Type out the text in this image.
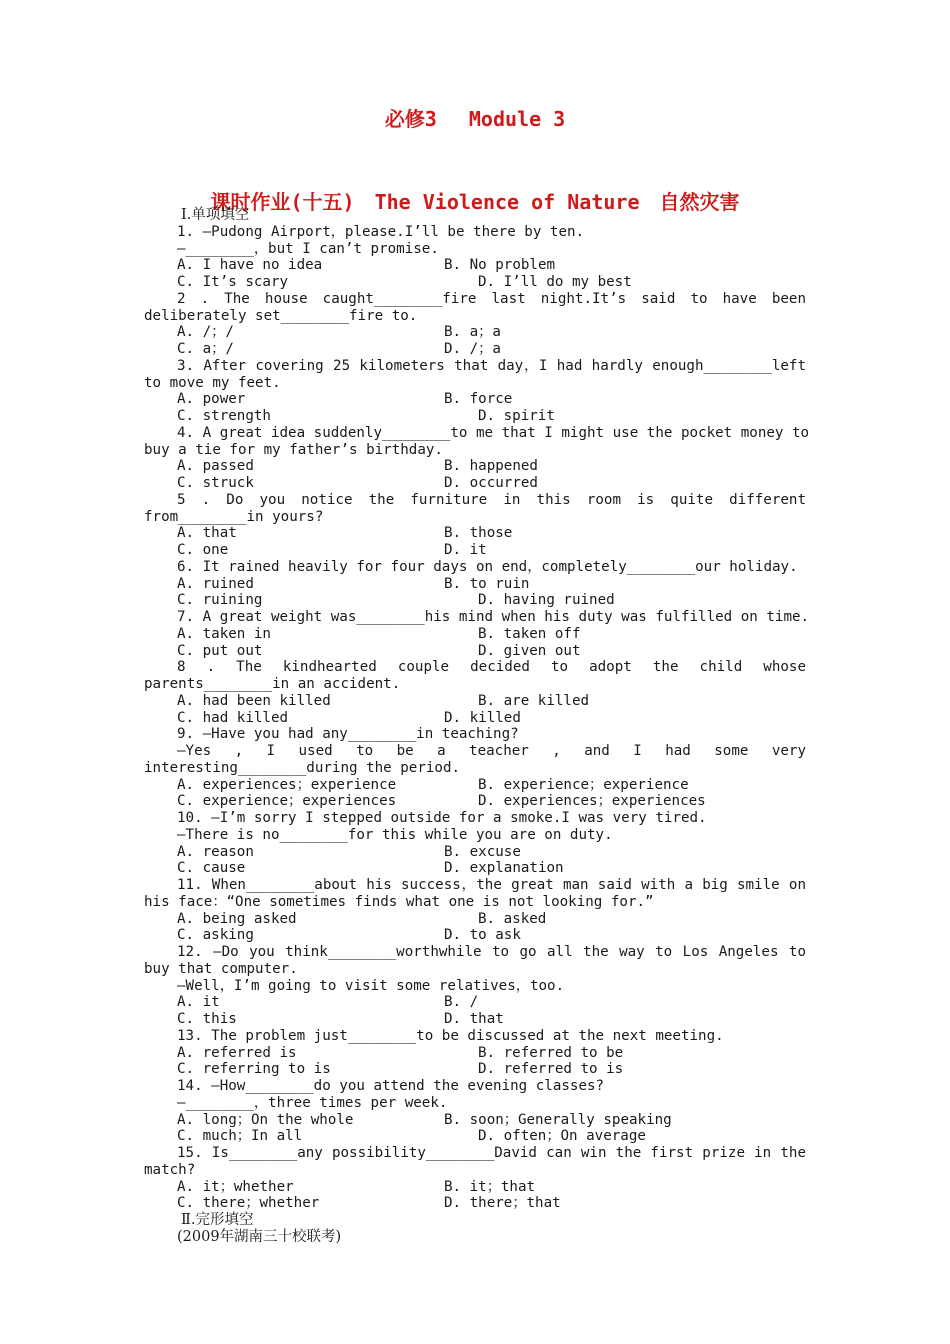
必修3　 Module 3
课时作业(十五)　The Violence of Nature　自然灾害
Ⅰ.单项填空
1. —Pudong Airport，please.I’ll be there by ten.
—________，but I can’t promise.
A. I have no idea	B. No problem
C. It’s scary	D. I’ll do my best
2 . The house caught________fire last night.It’s said to have been
deliberately set________fire to.
A. /；/	B. a；a
C. a；/	D. /；a
3. After covering 25 kilometers that day，I had hardly enough________left
to move my feet.
A. power	B. force
C. strength	D. spirit
4. A great idea suddenly________to me that I might use the pocket money to
buy a tie for my father’s birthday.
A. passed	B. happened
C. struck	D. occurred
5 . Do you notice the furniture in this room is quite different
from________in yours?
A. that	B. those
C. one	D. it
6. It rained heavily for four days on end，completely________our holiday.
A. ruined	B. to ruin
C. ruining	D. having ruined
7. A great weight was________his mind when his duty was fulfilled on time.
A. taken in	B. taken off
C. put out	D. given out
8 . The kindhearted couple decided to adopt the child whose
parents________in an accident.
A. had been killed	B. are killed
C. had killed	D. killed
9. —Have you had any________in teaching?
—Yes , I used to be a teacher , and I had some very
interesting________during the period.
A. experiences；experience	B. experience；experience
C. experience；experiences	D. experiences；experiences
10. —I’m sorry I stepped outside for a smoke.I was very tired.
—There is no________for this while you are on duty.
A. reason	B. excuse
C. cause	D. explanation
11. When________about his success，the great man said with a big smile on
his face：“One sometimes finds what one is not looking for.”
A. being asked	B. asked
C. asking	D. to ask
12. —Do you think________worthwhile to go all the way to Los Angeles to
buy that computer.
—Well，I’m going to visit some relatives，too.
A. it	B. /
C. this	D. that
13. The problem just________to be discussed at the next meeting.
A. referred is	B. referred to be
C. referring to is	D. referred to is
14. —How________do you attend the evening classes?
—________，three times per week.
A. long；On the whole	B. soon；Generally speaking
C. much；In all	D. often；On average
15. Is________any possibility________David can win the first prize in the
match?
A. it；whether	B. it；that
C. there；whether	D. there；that
Ⅱ.完形填空
(2009年湖南三十校联考)
